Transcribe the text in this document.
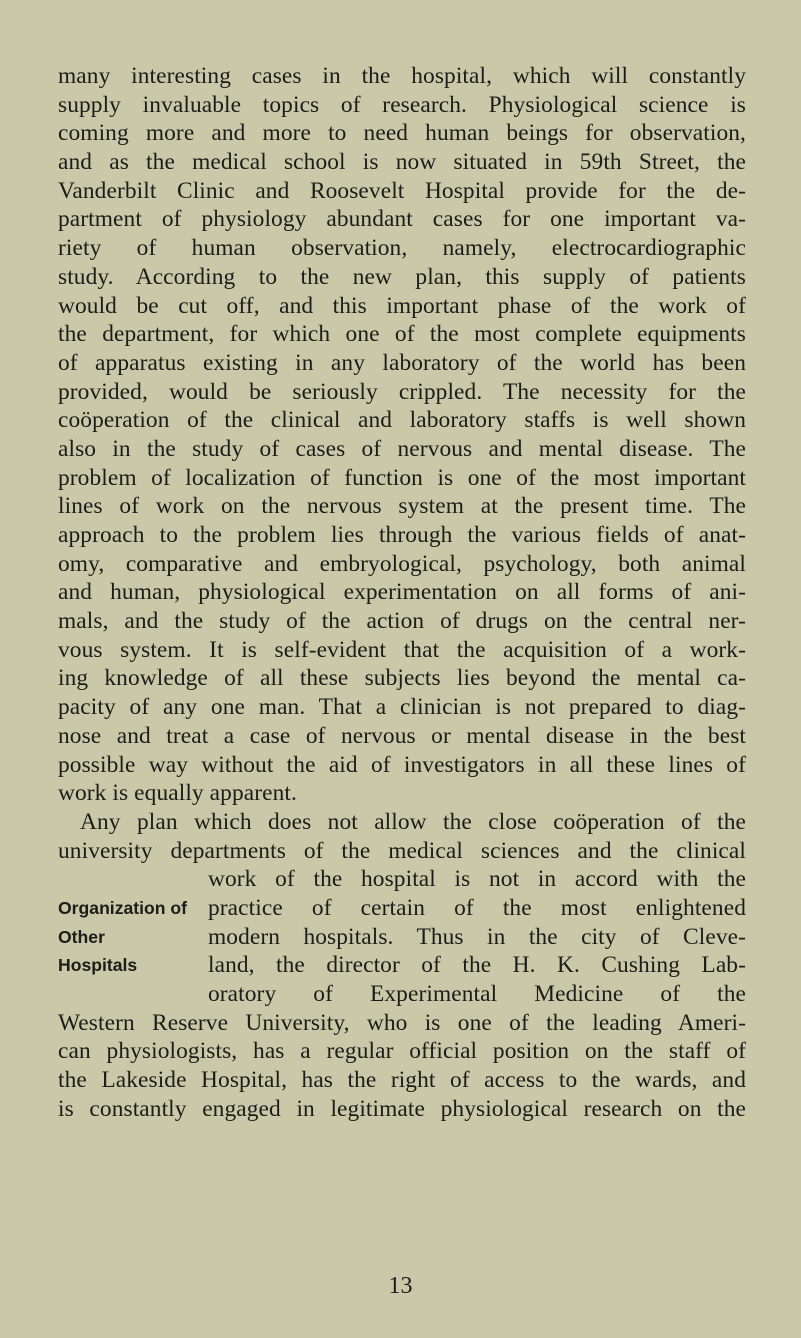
many interesting cases in the hospital, which will constantly
supply invaluable topics of research. Physiological science is
coming more and more to need human beings for observation,
and as the medical school is now situated in 59th Street, the
Vanderbilt Clinic and Roosevelt Hospital provide for the de-
partment of physiology abundant cases for one important va-
riety of human observation, namely, electrocardiographic
study. According to the new plan, this supply of patients
would be cut off, and this important phase of the work of
the department, for which one of the most complete equipments
of apparatus existing in any laboratory of the world has been
provided, would be seriously crippled. The necessity for the
coöperation of the clinical and laboratory staffs is well shown
also in the study of cases of nervous and mental disease. The
problem of localization of function is one of the most important
lines of work on the nervous system at the present time. The
approach to the problem lies through the various fields of anat-
omy, comparative and embryological, psychology, both animal
and human, physiological experimentation on all forms of ani-
mals, and the study of the action of drugs on the central ner-
vous system. It is self-evident that the acquisition of a work-
ing knowledge of all these subjects lies beyond the mental ca-
pacity of any one man. That a clinician is not prepared to diag-
nose and treat a case of nervous or mental disease in the best
possible way without the aid of investigators in all these lines of
work is equally apparent.
Any plan which does not allow the close coöperation of the
university departments of the medical sciences and the clinical
work of the hospital is not in accord with the
Organization of practice of certain of the most enlightened
Other	modern hospitals. Thus in the city of Cleve-
Hospitals	land, the director of the H. K. Cushing Lab-
oratory of Experimental Medicine of the
Western Reserve University, who is one of the leading Ameri-
can physiologists, has a regular official position on the staff of
the Lakeside Hospital, has the right of access to the wards, and
is constantly engaged in legitimate physiological research on the
13
